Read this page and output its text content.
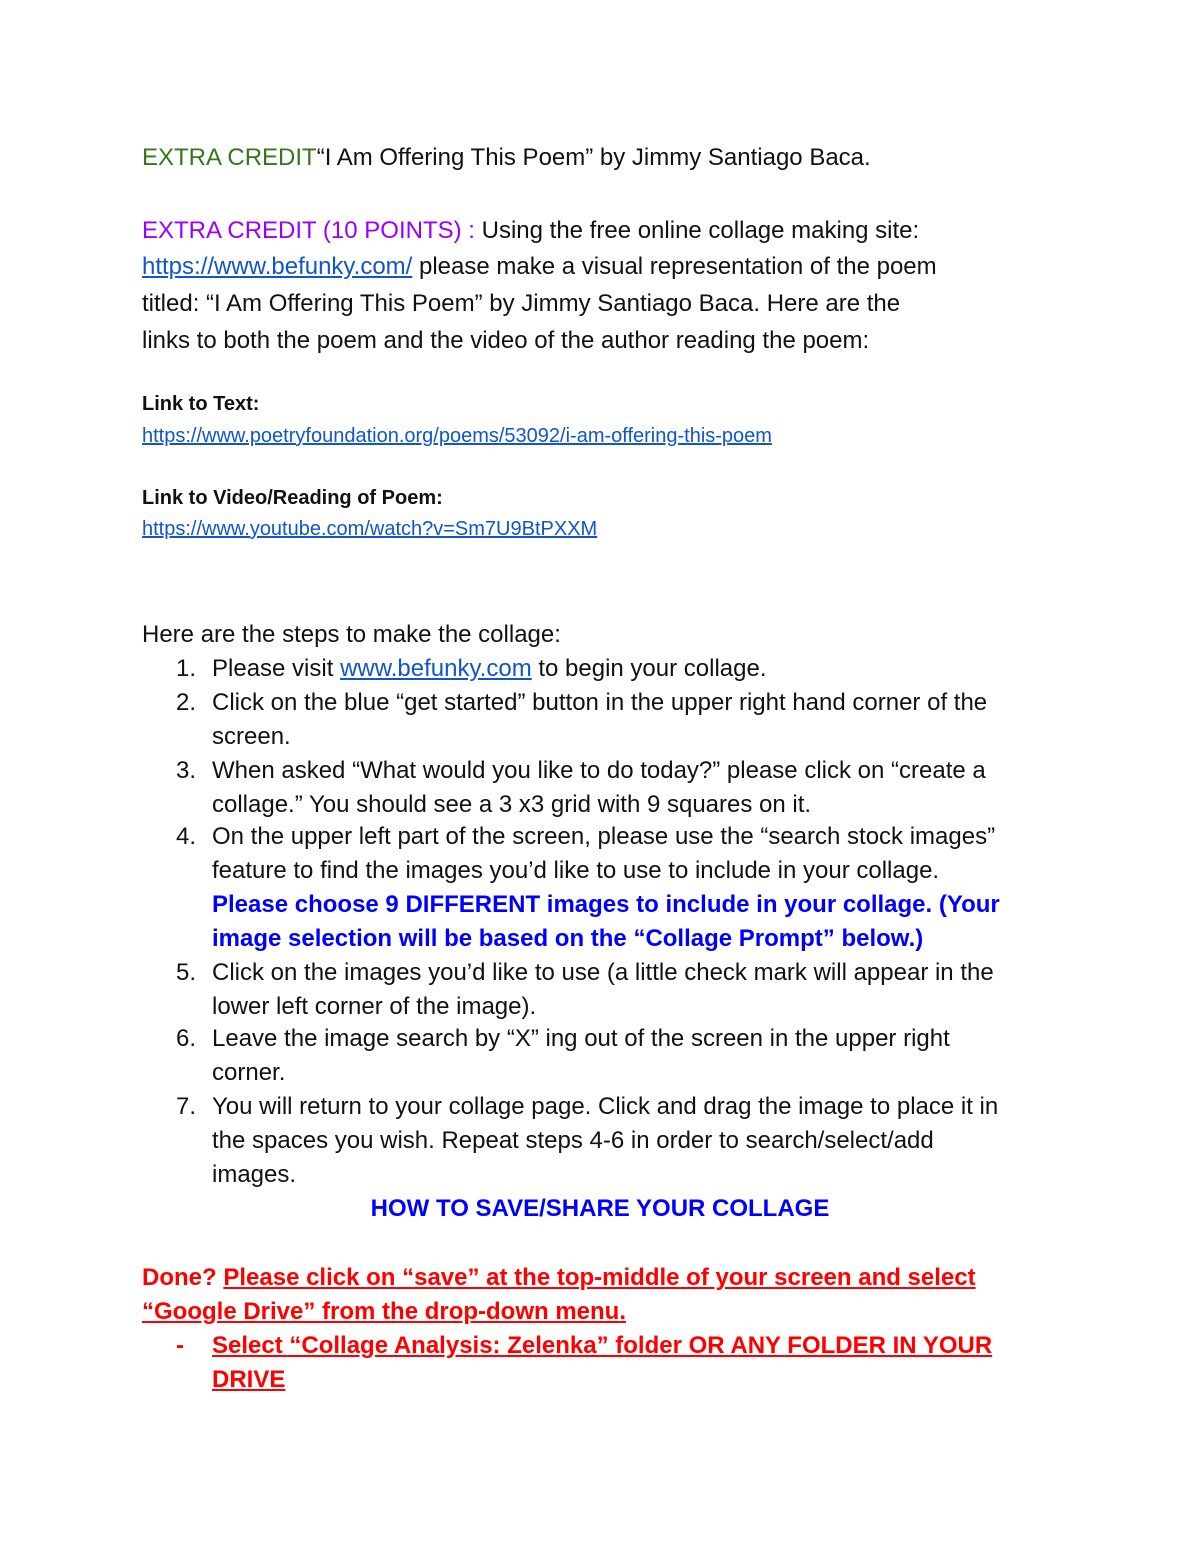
EXTRA CREDIT“I Am Offering This Poem” by Jimmy Santiago Baca.
EXTRA CREDIT (10 POINTS) : Using the free online collage making site:
https://www.befunky.com/ please make a visual representation of the poem
titled: “I Am Offering This Poem” by Jimmy Santiago Baca. Here are the
links to both the poem and the video of the author reading the poem:
Link to Text:
https://www.poetryfoundation.org/poems/53092/i-am-offering-this-poem
Link to Video/Reading of Poem:
https://www.youtube.com/watch?v=Sm7U9BtPXXM
Here are the steps to make the collage:
1. Please visit www.befunky.com to begin your collage.
2. Click on the blue “get started” button in the upper right hand corner of the
screen.
3. When asked “What would you like to do today?” please click on “create a
collage.” You should see a 3 x3 grid with 9 squares on it.
4. On the upper left part of the screen, please use the “search stock images”
feature to find the images you’d like to use to include in your collage.
Please choose 9 DIFFERENT images to include in your collage. (Your
image selection will be based on the “Collage Prompt” below.)
5. Click on the images you’d like to use (a little check mark will appear in the
lower left corner of the image).
6. Leave the image search by “X” ing out of the screen in the upper right
corner.
7. You will return to your collage page. Click and drag the image to place it in
the spaces you wish. Repeat steps 4-6 in order to search/select/add
images.
HOW TO SAVE/SHARE YOUR COLLAGE
Done? Please click on “save” at the top-middle of your screen and select
“Google Drive” from the drop-down menu.
-	Select “Collage Analysis: Zelenka” folder OR ANY FOLDER IN YOUR
DRIVE
